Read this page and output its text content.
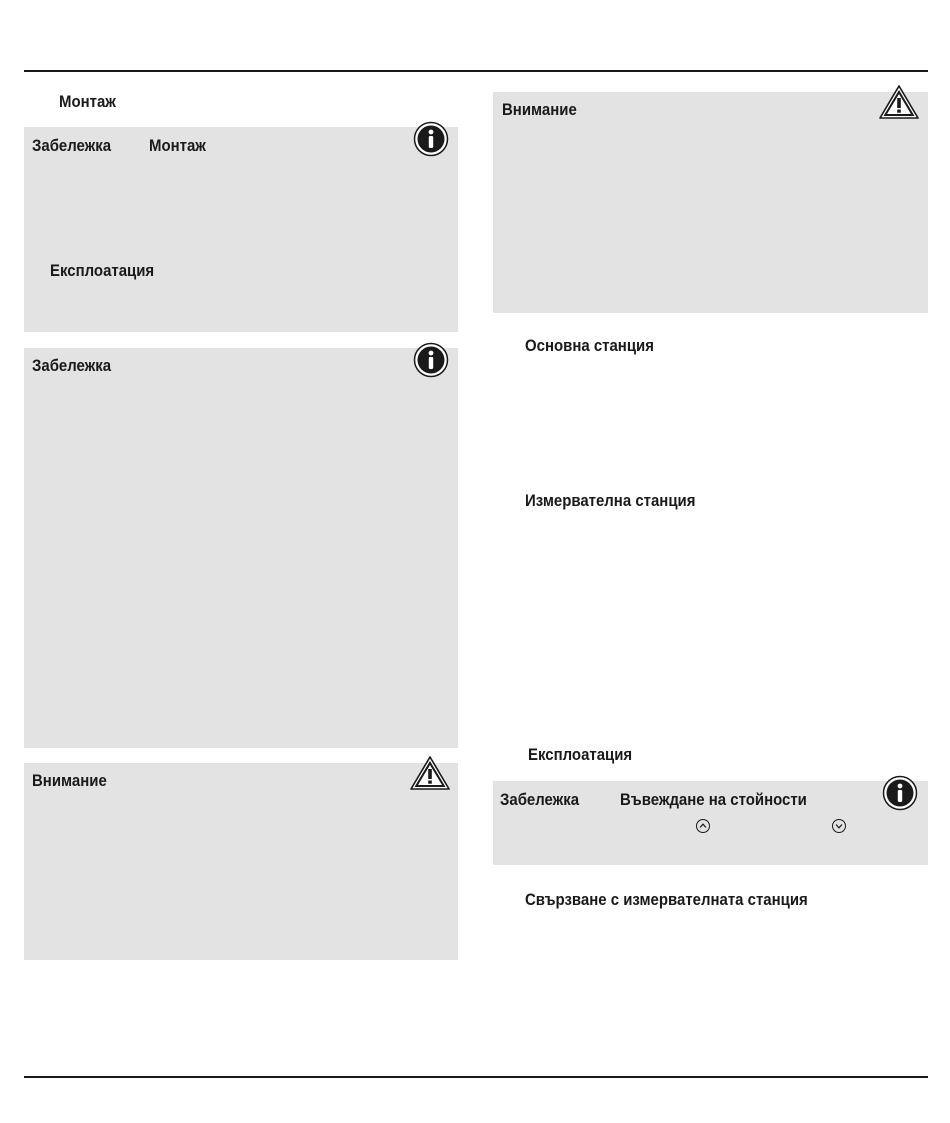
Монтаж
Забележка Монтаж
Експлоатация
Забележка
Внимание
Внимание
Основна станция
Измервателна станция
Експлоатация
Забележка Въвеждане на стойности
Свързване с измервателната станция
